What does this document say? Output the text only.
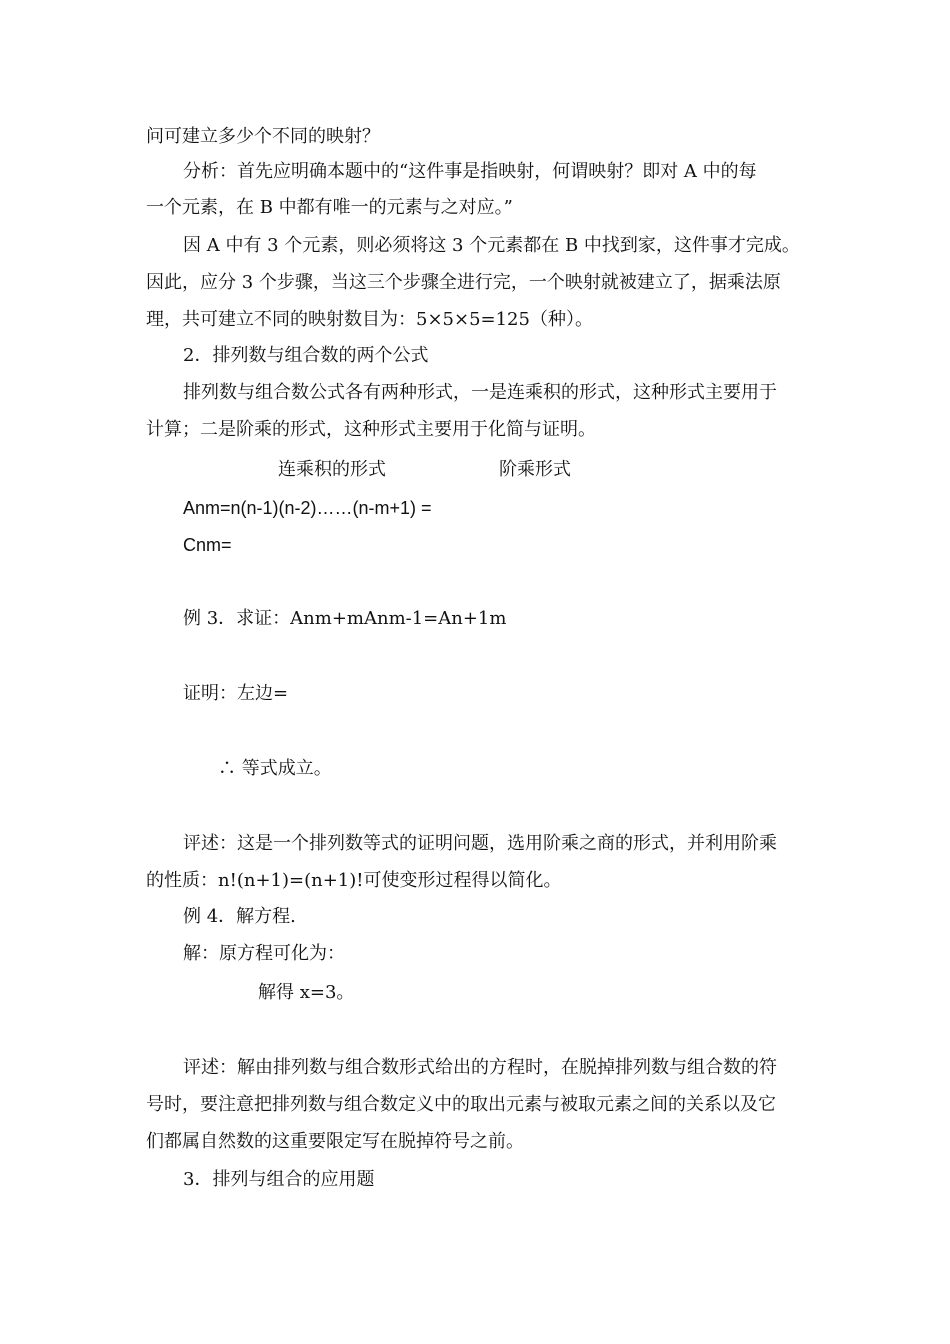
问可建立多少个不同的映射？
分析：首先应明确本题中的“这件事是指映射，何谓映射？即对 A 中的每
一个元素，在 B 中都有唯一的元素与之对应。”
因 A 中有 3 个元素，则必须将这 3 个元素都在 B 中找到家，这件事才完成。
因此，应分 3 个步骤，当这三个步骤全进行完，一个映射就被建立了，据乘法原
理，共可建立不同的映射数目为：5×5×5=125（种）。
2．排列数与组合数的两个公式
排列数与组合数公式各有两种形式，一是连乘积的形式，这种形式主要用于
计算；二是阶乘的形式，这种形式主要用于化简与证明。
连乘积的形式	阶乘形式
Anm=n(n-1)(n-2)……(n-m+1) =
Cnm=
例 3．求证：Anm+mAnm-1=An+1m
证明：左边=
∴ 等式成立。
评述：这是一个排列数等式的证明问题，选用阶乘之商的形式，并利用阶乘
的性质：n!(n+1)=(n+1)!可使变形过程得以简化。
例 4．解方程.
解：原方程可化为：
解得 x=3。
评述：解由排列数与组合数形式给出的方程时，在脱掉排列数与组合数的符
号时，要注意把排列数与组合数定义中的取出元素与被取元素之间的关系以及它
们都属自然数的这重要限定写在脱掉符号之前。
3．排列与组合的应用题
